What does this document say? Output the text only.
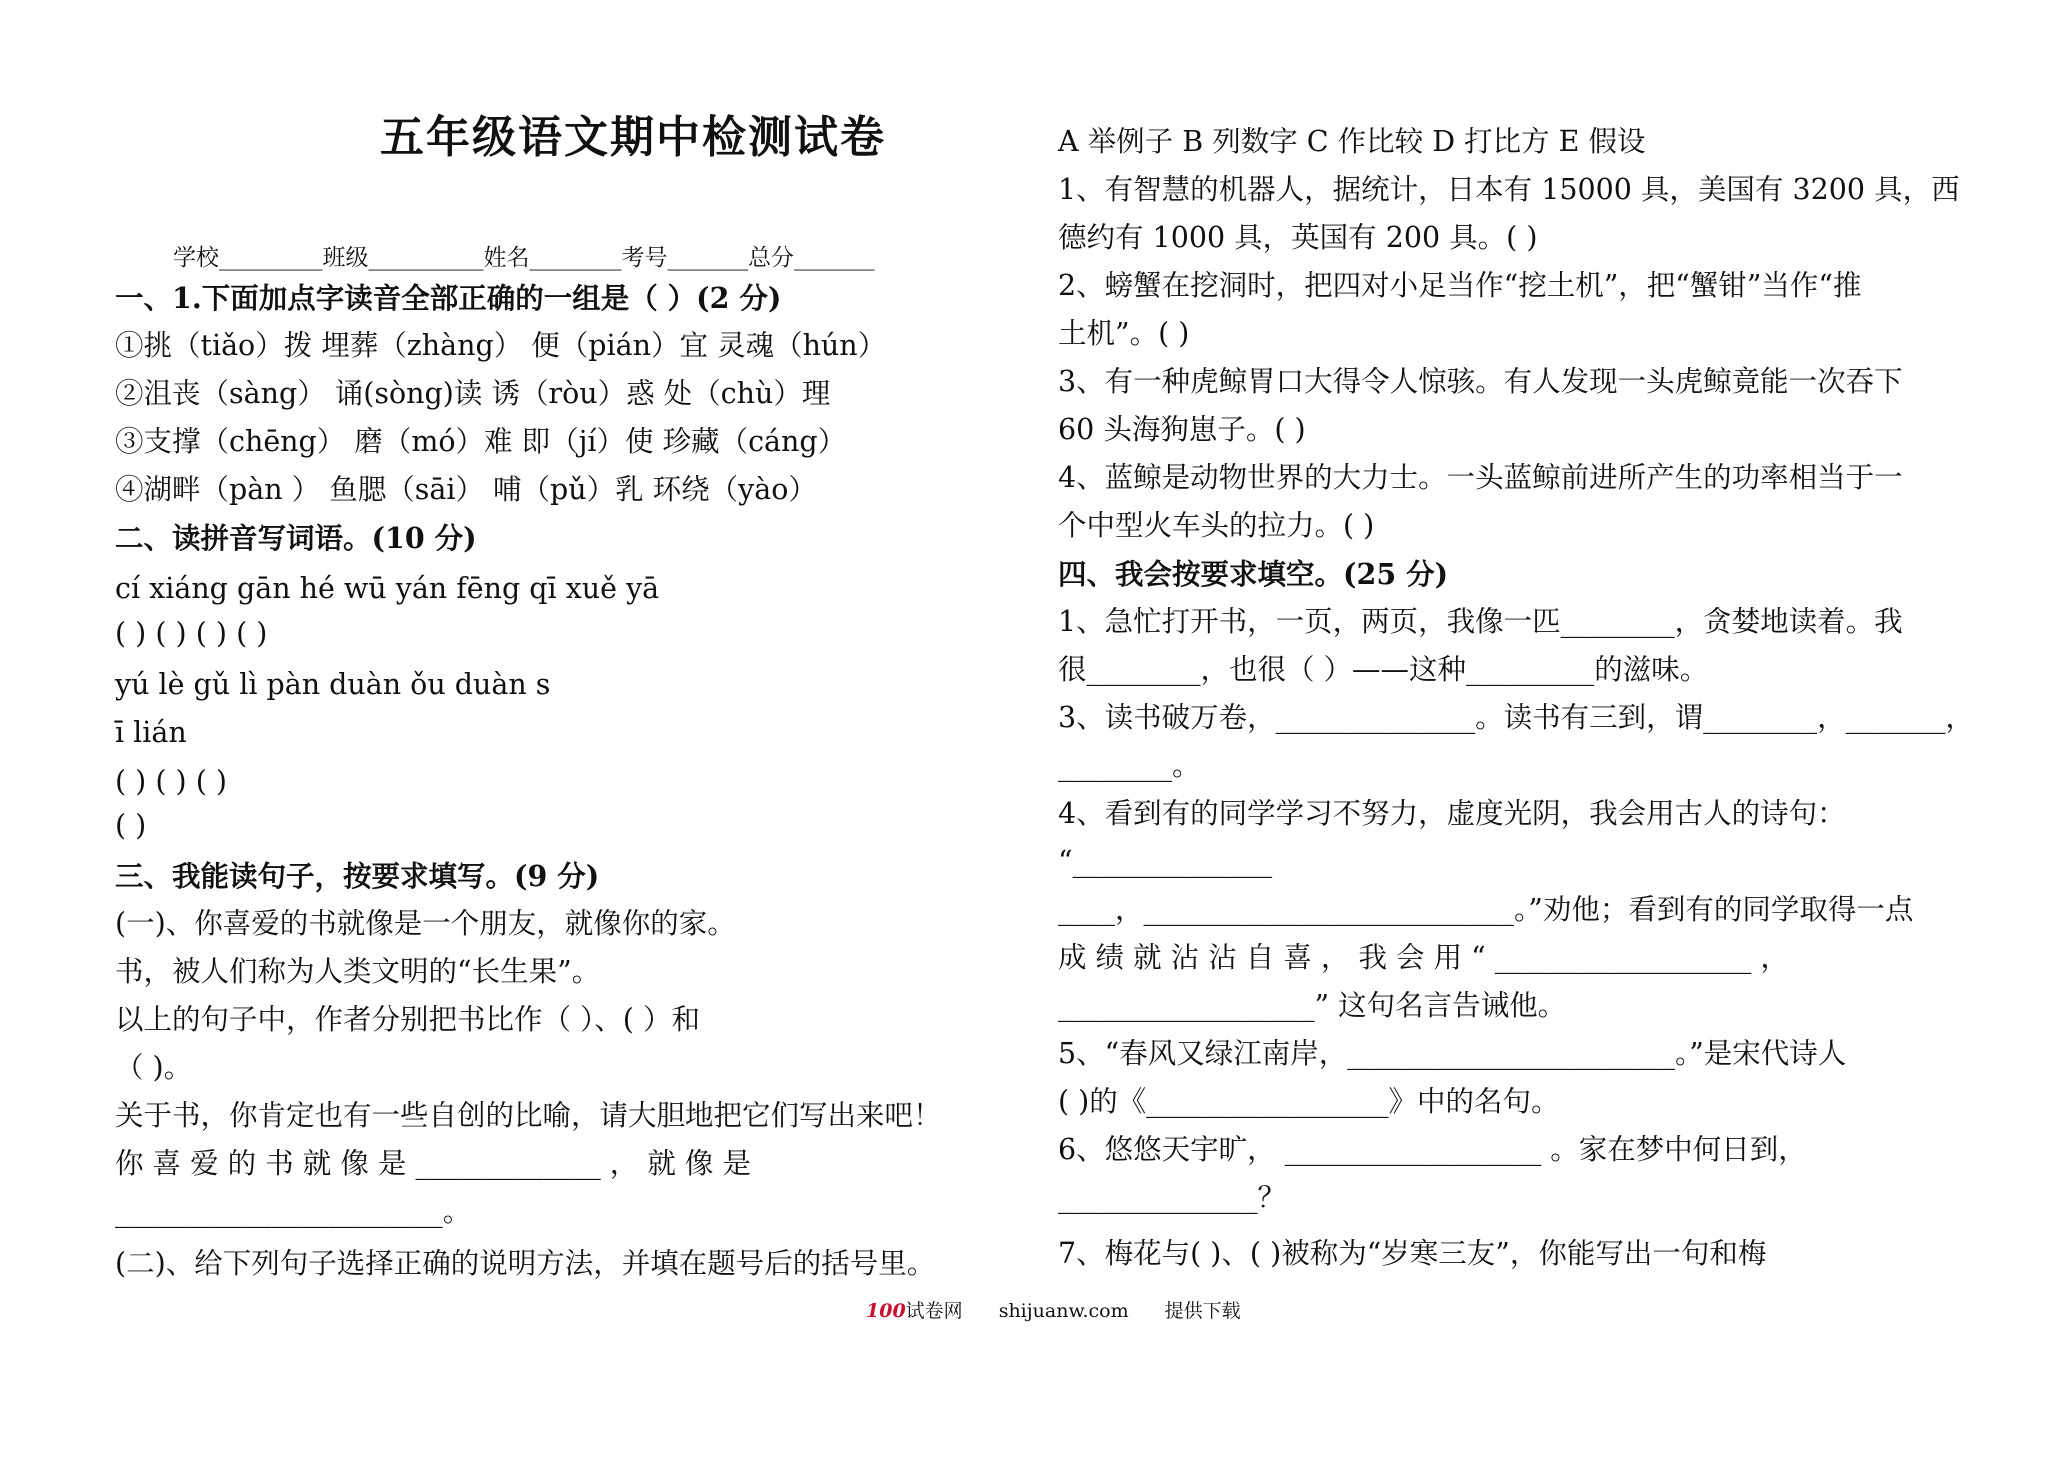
五年级语文期中检测试卷
学校_________班级__________姓名________考号_______总分_______
一、1.下面加点字读音全部正确的一组是（ ）(2 分)
①挑（tiǎo）拨 埋葬（zhàng） 便（pián）宜 灵魂（hún）
②沮丧（sàng） 诵(sòng)读 诱（ròu）惑 处（chù）理
③支撑（chēng） 磨（mó）难 即（jí）使 珍藏（cáng）
④湖畔（pàn ） 鱼腮（sāi） 哺（pǔ）乳 环绕（yào）
二、读拼音写词语。(10 分)
cí xiáng gān hé wū yán fēng qī xuě yā
( ) ( ) ( ) ( )
yú lè gǔ lì pàn duàn ǒu duàn s
ī lián
( ) ( ) ( )
( )
三、我能读句子，按要求填写。(9 分)
(一)、你喜爱的书就像是一个朋友，就像你的家。
书，被人们称为人类文明的“长生果”。
以上的句子中，作者分别把书比作（ ）、( ）和
（ )。
关于书，你肯定也有一些自创的比喻，请大胆地把它们写出来吧！
你 喜 爱 的 书 就 像 是 _____________ ， 就 像 是
_______________________。
(二)、给下列句子选择正确的说明方法，并填在题号后的括号里。
A 举例子 B 列数字 C 作比较 D 打比方 E 假设
1、有智慧的机器人，据统计，日本有 15000 具，美国有 3200 具，西
德约有 1000 具，英国有 200 具。( )
2、螃蟹在挖洞时，把四对小足当作“挖土机”，把“蟹钳”当作“推
土机”。( )
3、有一种虎鲸胃口大得令人惊骇。有人发现一头虎鲸竟能一次吞下
60 头海狗崽子。( )
4、蓝鲸是动物世界的大力士。一头蓝鲸前进所产生的功率相当于一
个中型火车头的拉力。( )
四、我会按要求填空。(25 分)
1、急忙打开书，一页，两页，我像一匹________，贪婪地读着。我
很________，也很（ ）——这种_________的滋味。
3、读书破万卷，______________。读书有三到，谓________，_______，
________。
4、看到有的同学学习不努力，虚度光阴，我会用古人的诗句：
“______________
____，__________________________。”劝他；看到有的同学取得一点
成 绩 就 沾 沾 自 喜 ， 我 会 用 “ __________________ ，
__________________” 这句名言告诫他。
5、“春风又绿江南岸，_______________________。”是宋代诗人
( )的《_________________》中的名句。
6、悠悠天宇旷， __________________ 。家在梦中何日到，
______________？
7、梅花与( )、( )被称为“岁寒三友”，你能写出一句和梅
100试卷网 shijuanw.com 提供下载
